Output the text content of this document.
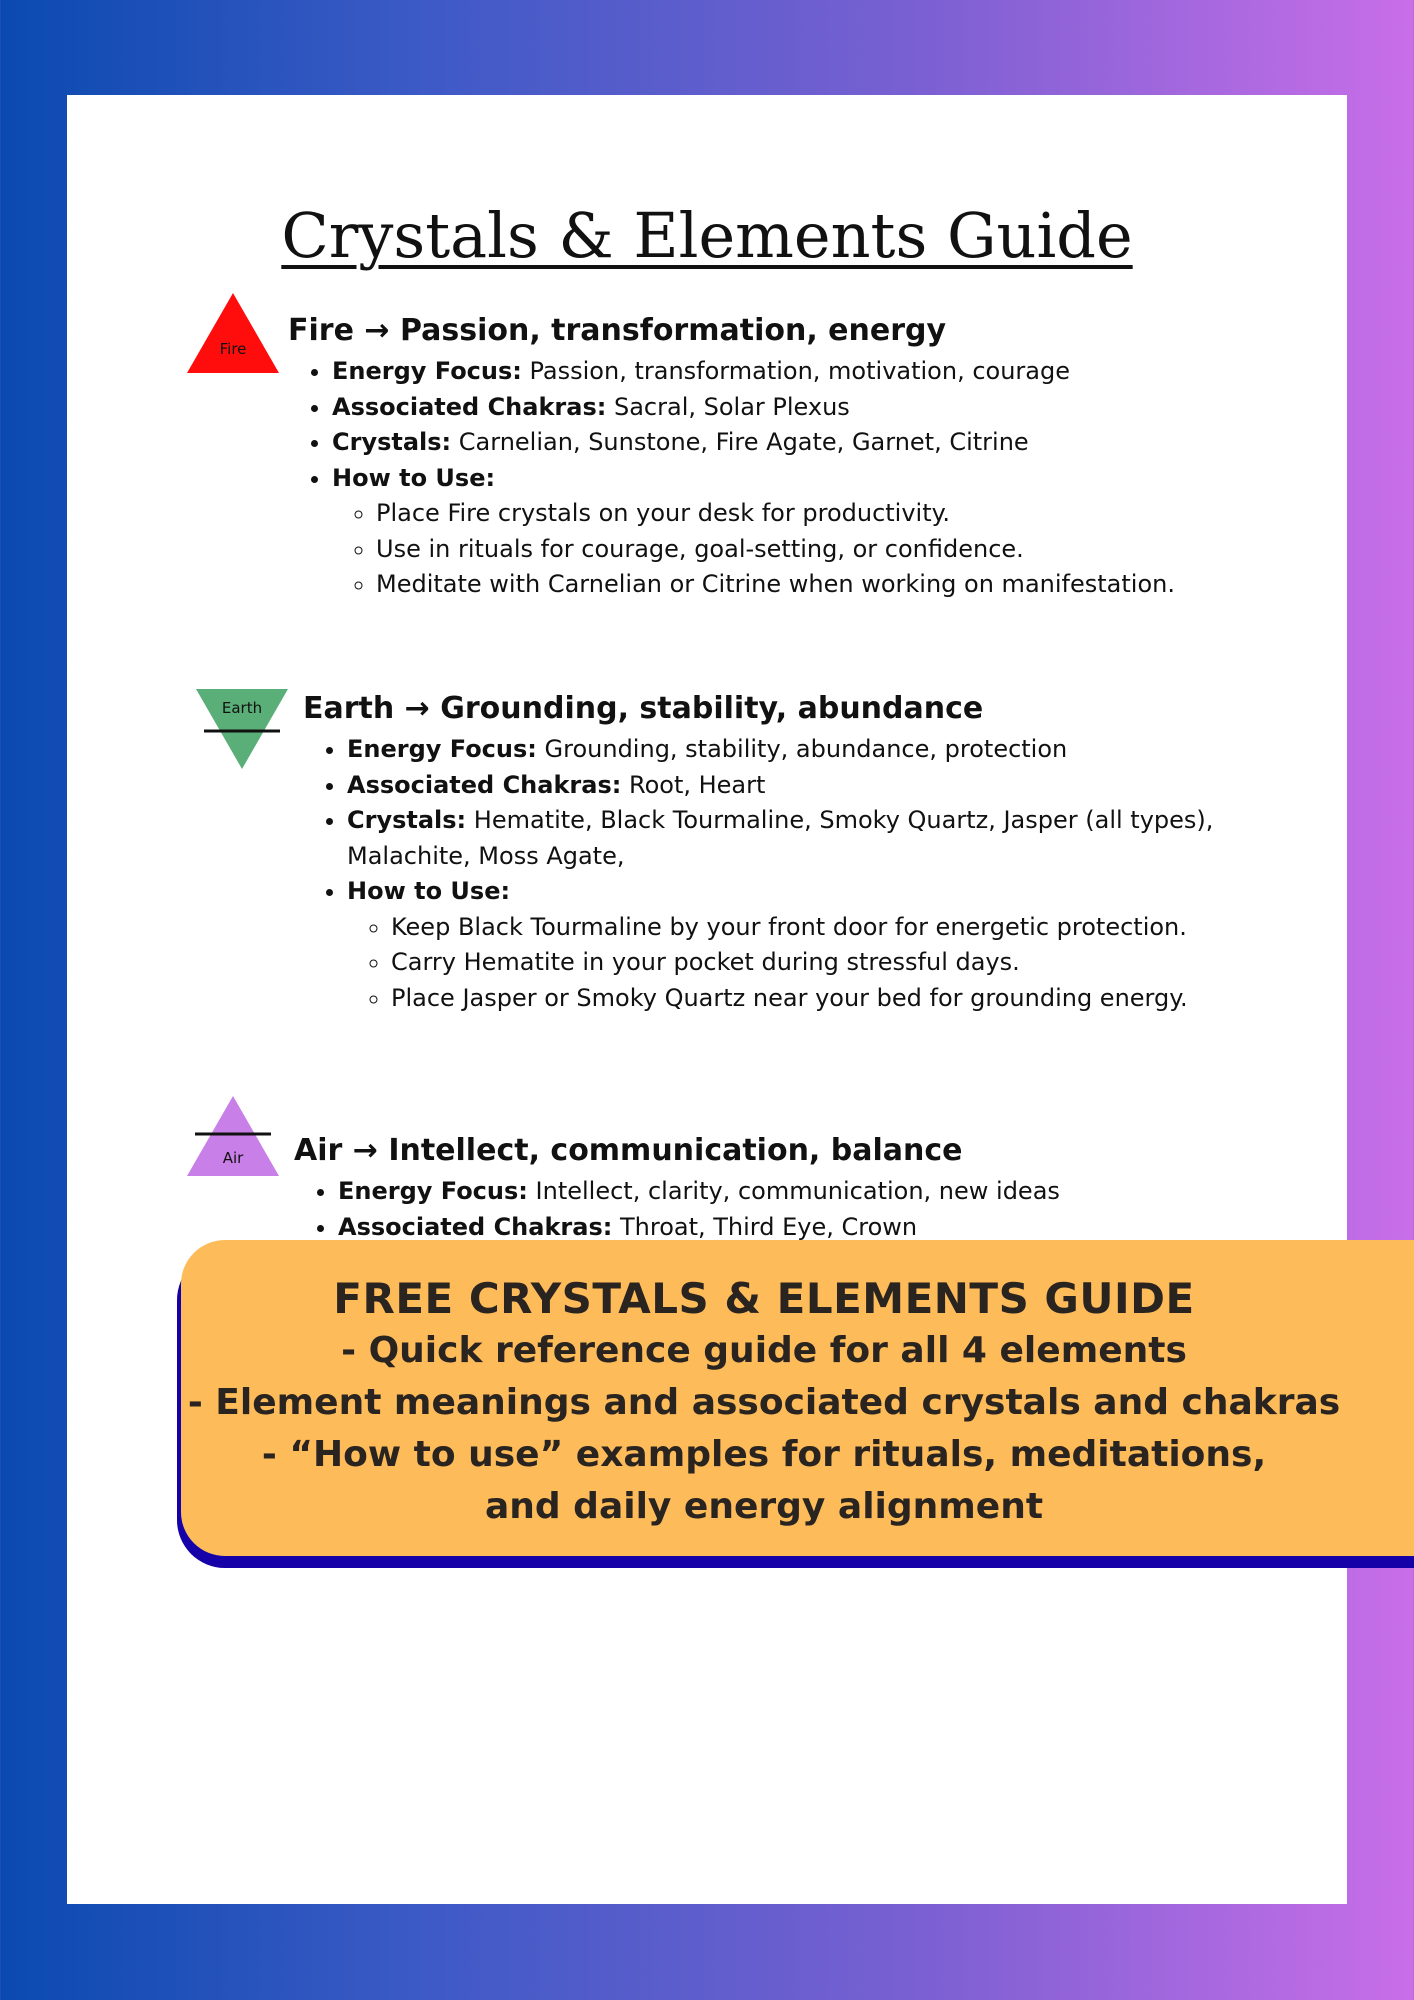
Crystals & Elements Guide
Fire
Fire → Passion, transformation, energy
• Energy Focus: Passion, transformation, motivation, courage
• Associated Chakras: Sacral, Solar Plexus
• Crystals: Carnelian, Sunstone, Fire Agate, Garnet, Citrine
• How to Use:
◦ Place Fire crystals on your desk for productivity.
◦ Use in rituals for courage, goal-setting, or confidence.
◦ Meditate with Carnelian or Citrine when working on manifestation.
Earth Earth → Grounding, stability, abundance
• Energy Focus: Grounding, stability, abundance, protection
• Associated Chakras: Root, Heart
• Crystals: Hematite, Black Tourmaline, Smoky Quartz, Jasper (all types), Malachite, Moss Agate,
• How to Use:
◦ Keep Black Tourmaline by your front door for energetic protection.
◦ Carry Hematite in your pocket during stressful days.
◦ Place Jasper or Smoky Quartz near your bed for grounding energy.
Air Air → Intellect, communication, balance
• Energy Focus: Intellect, clarity, communication, new ideas
• Associated Chakras: Throat, Third Eye, Crown
FREE CRYSTALS & ELEMENTS GUIDE
- Quick reference guide for all 4 elements
- Element meanings and associated crystals and chakras
- “How to use” examples for rituals, meditations, and daily energy alignment
